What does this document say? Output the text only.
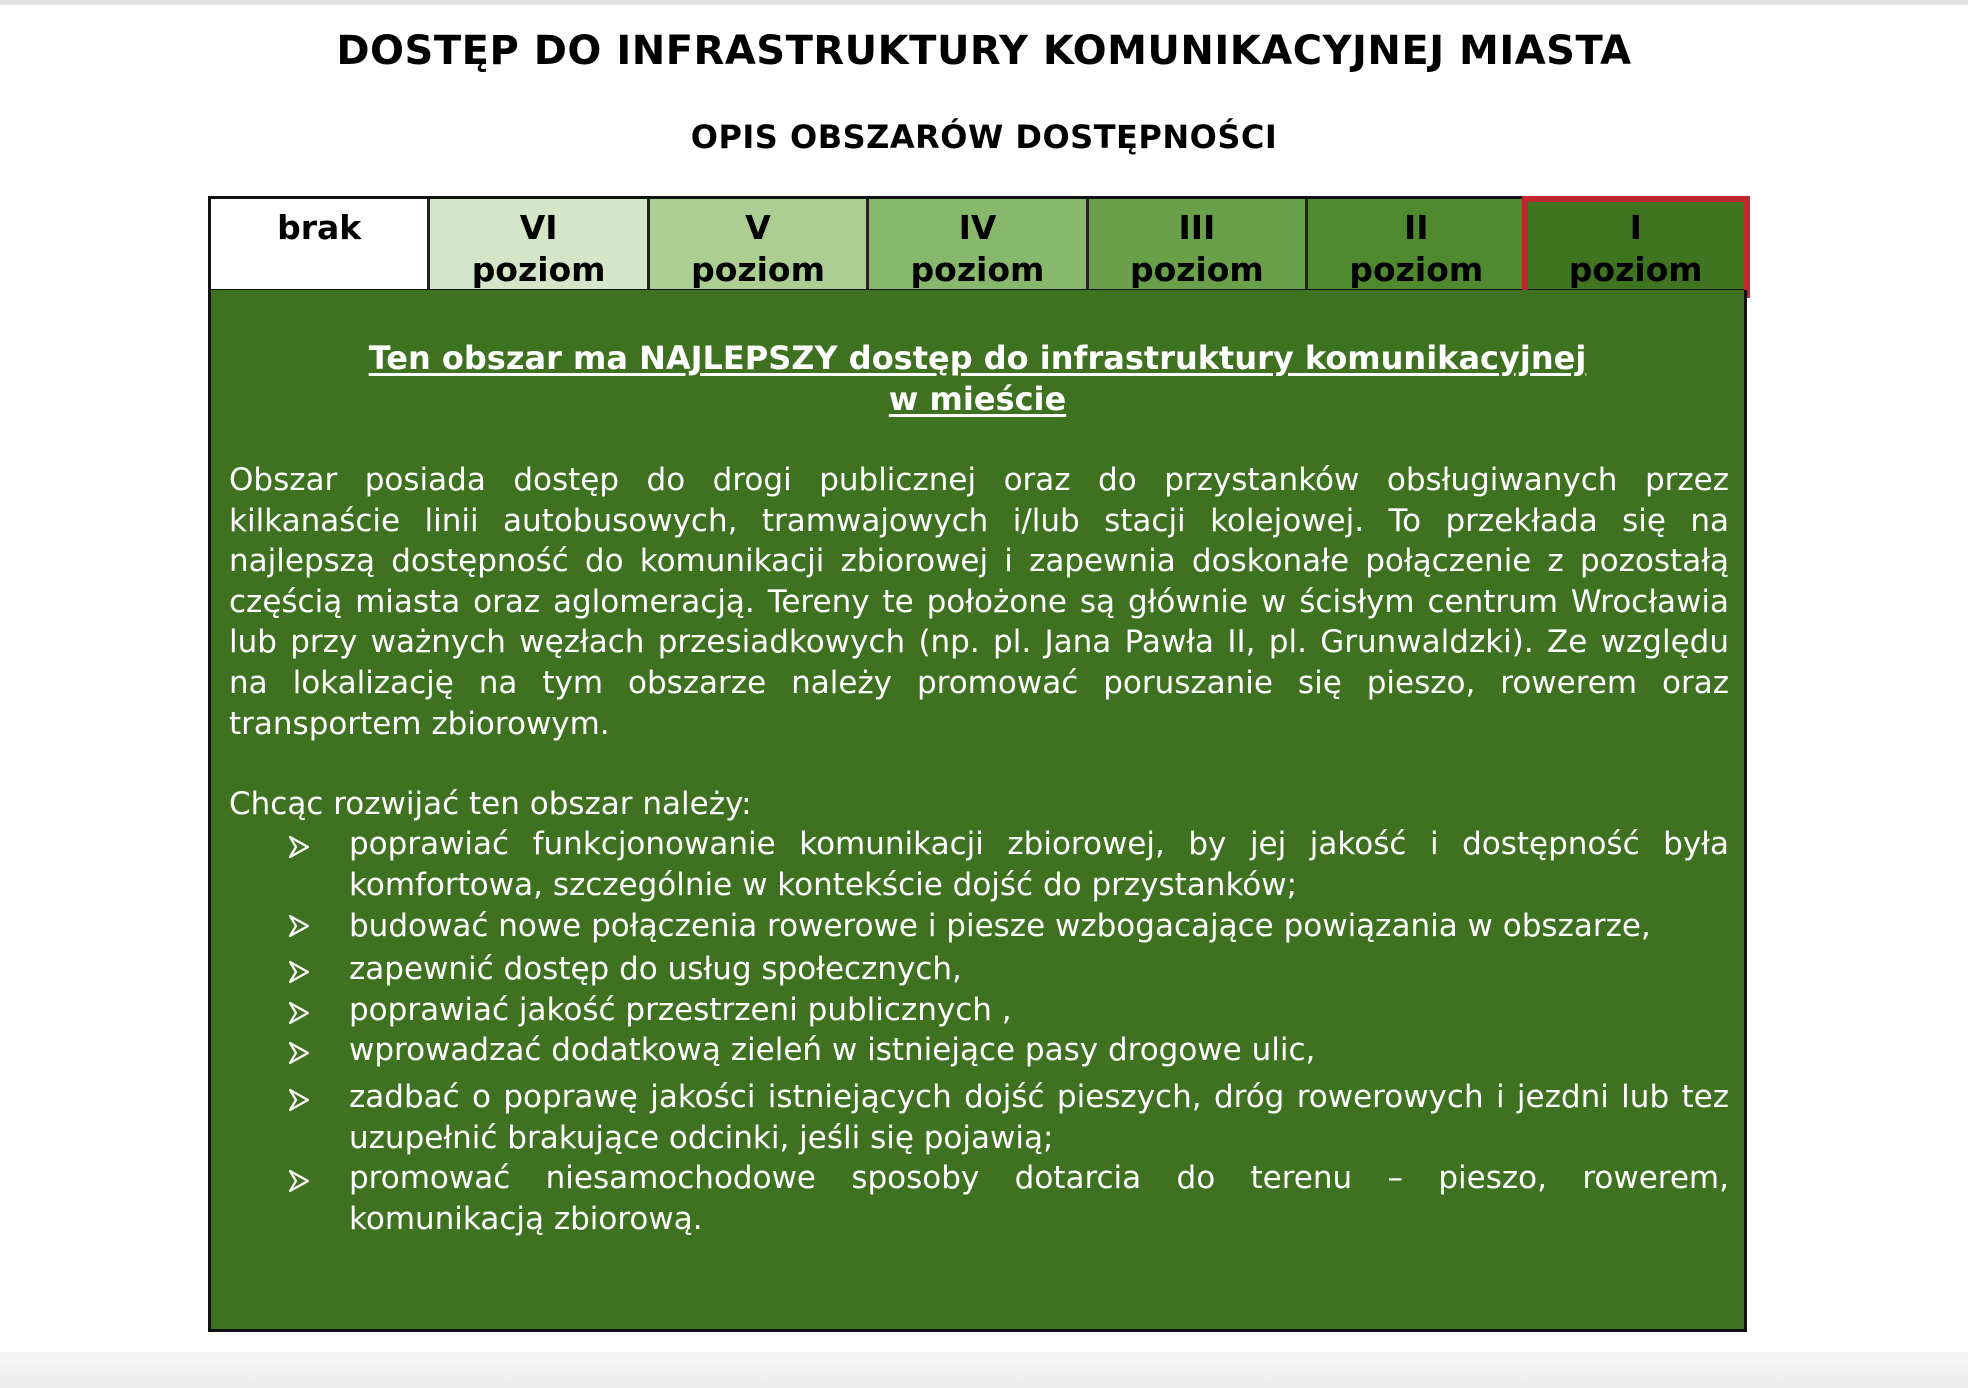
DOSTĘP DO INFRASTRUKTURY KOMUNIKACYJNEJ MIASTA
OPIS OBSZARÓW DOSTĘPNOŚCI
brak	VI
poziom
V
poziom
IV
poziom
III
poziom
II
poziom
I
poziom
Ten obszar ma NAJLEPSZY dostęp do infrastruktury komunikacyjnej
w mieście
Obszar posiada dostęp do drogi publicznej oraz do przystanków obsługiwanych przez kilkanaście linii autobusowych, tramwajowych i/lub stacji kolejowej. To przekłada się na najlepszą dostępność do komunikacji zbiorowej i zapewnia doskonałe połączenie z pozostałą częścią miasta oraz aglomeracją. Tereny te położone są głównie w ścisłym centrum Wrocławia lub przy ważnych węzłach przesiadkowych (np. pl. Jana Pawła II, pl. Grunwaldzki). Ze względu na lokalizację na tym obszarze należy promować poruszanie się pieszo, rowerem oraz transportem zbiorowym.
Chcąc rozwijać ten obszar należy:
poprawiać funkcjonowanie komunikacji zbiorowej, by jej jakość i dostępność była komfortowa, szczególnie w kontekście dojść do przystanków;
budować nowe połączenia rowerowe i piesze wzbogacające powiązania w obszarze,
zapewnić dostęp do usług społecznych,
poprawiać jakość przestrzeni publicznych ,
wprowadzać dodatkową zieleń w istniejące pasy drogowe ulic,
zadbać o poprawę jakości istniejących dojść pieszych, dróg rowerowych i jezdni lub tez uzupełnić brakujące odcinki, jeśli się pojawią;
promować niesamochodowe sposoby dotarcia do terenu – pieszo, rowerem, komunikacją zbiorową.
